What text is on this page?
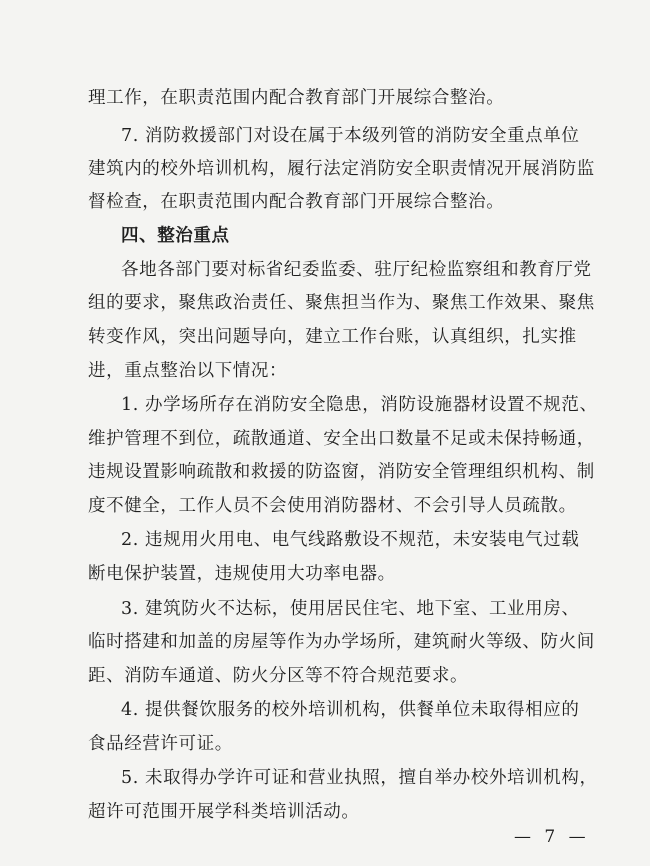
理工作，在职责范围内配合教育部门开展综合整治。
7. 消防救援部门对设在属于本级列管的消防安全重点单位
建筑内的校外培训机构，履行法定消防安全职责情况开展消防监
督检查，在职责范围内配合教育部门开展综合整治。
四、整治重点
各地各部门要对标省纪委监委、驻厅纪检监察组和教育厅党
组的要求，聚焦政治责任、聚焦担当作为、聚焦工作效果、聚焦
转变作风，突出问题导向，建立工作台账，认真组织，扎实推
进，重点整治以下情况：
1. 办学场所存在消防安全隐患，消防设施器材设置不规范、
维护管理不到位，疏散通道、安全出口数量不足或未保持畅通，
违规设置影响疏散和救援的防盗窗，消防安全管理组织机构、制
度不健全，工作人员不会使用消防器材、不会引导人员疏散。
2. 违规用火用电、电气线路敷设不规范，未安装电气过载
断电保护装置，违规使用大功率电器。
3. 建筑防火不达标，使用居民住宅、地下室、工业用房、
临时搭建和加盖的房屋等作为办学场所，建筑耐火等级、防火间
距、消防车通道、防火分区等不符合规范要求。
4. 提供餐饮服务的校外培训机构，供餐单位未取得相应的
食品经营许可证。
5. 未取得办学许可证和营业执照，擅自举办校外培训机构，
超许可范围开展学科类培训活动。
— 7 —
